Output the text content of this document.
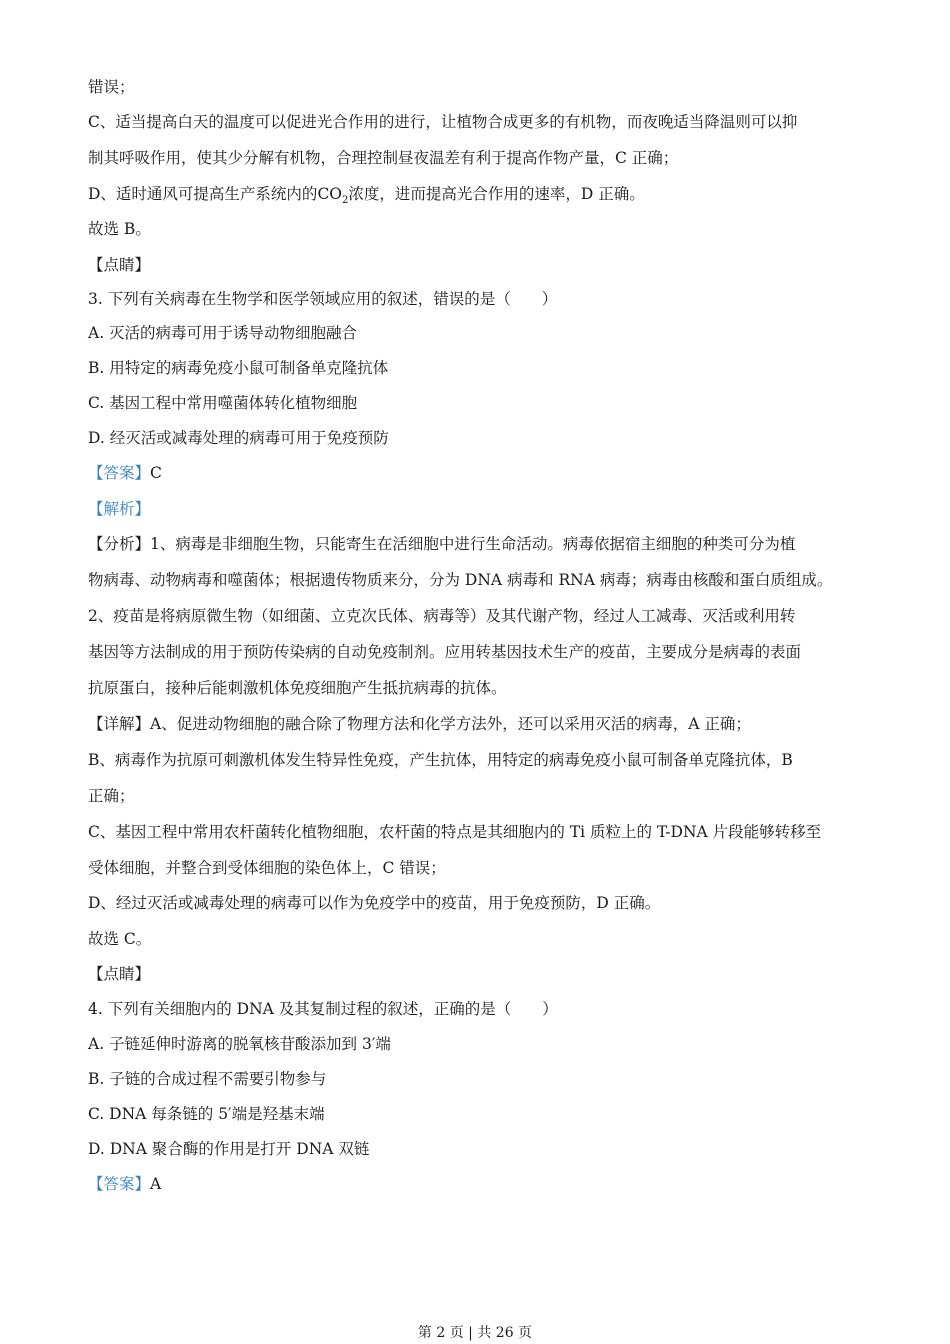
错误；
C、适当提高白天的温度可以促进光合作用的进行，让植物合成更多的有机物，而夜晚适当降温则可以抑
制其呼吸作用，使其少分解有机物，合理控制昼夜温差有利于提高作物产量，C 正确；
D、适时通风可提高生产系统内的$CO_2$浓度，进而提高光合作用的速率，D 正确。
故选 B。
【点睛】
3. 下列有关病毒在生物学和医学领域应用的叙述，错误的是（　　）
A. 灭活的病毒可用于诱导动物细胞融合
B. 用特定的病毒免疫小鼠可制备单克隆抗体
C. 基因工程中常用噬菌体转化植物细胞
D. 经灭活或减毒处理的病毒可用于免疫预防
【答案】C
【解析】
【分析】1、病毒是非细胞生物，只能寄生在活细胞中进行生命活动。病毒依据宿主细胞的种类可分为植
物病毒、动物病毒和噬菌体；根据遗传物质来分，分为 DNA 病毒和 RNA 病毒；病毒由核酸和蛋白质组成。
2、疫苗是将病原微生物（如细菌、立克次氏体、病毒等）及其代谢产物，经过人工减毒、灭活或利用转
基因等方法制成的用于预防传染病的自动免疫制剂。应用转基因技术生产的疫苗，主要成分是病毒的表面
抗原蛋白，接种后能刺激机体免疫细胞产生抵抗病毒的抗体。
【详解】A、促进动物细胞的融合除了物理方法和化学方法外，还可以采用灭活的病毒，A 正确；
B、病毒作为抗原可刺激机体发生特异性免疫，产生抗体，用特定的病毒免疫小鼠可制备单克隆抗体，B
正确；
C、基因工程中常用农杆菌转化植物细胞，农杆菌的特点是其细胞内的 Ti 质粒上的 T-DNA 片段能够转移至
受体细胞，并整合到受体细胞的染色体上，C 错误；
D、经过灭活或减毒处理的病毒可以作为免疫学中的疫苗，用于免疫预防，D 正确。
故选 C。
【点睛】
4. 下列有关细胞内的 DNA 及其复制过程的叙述，正确的是（　　）
A. 子链延伸时游离的脱氧核苷酸添加到 3′端
B. 子链的合成过程不需要引物参与
C. DNA 每条链的 5′端是羟基末端
D. DNA 聚合酶的作用是打开 DNA 双链
【答案】A
第 2 页 | 共 26 页
